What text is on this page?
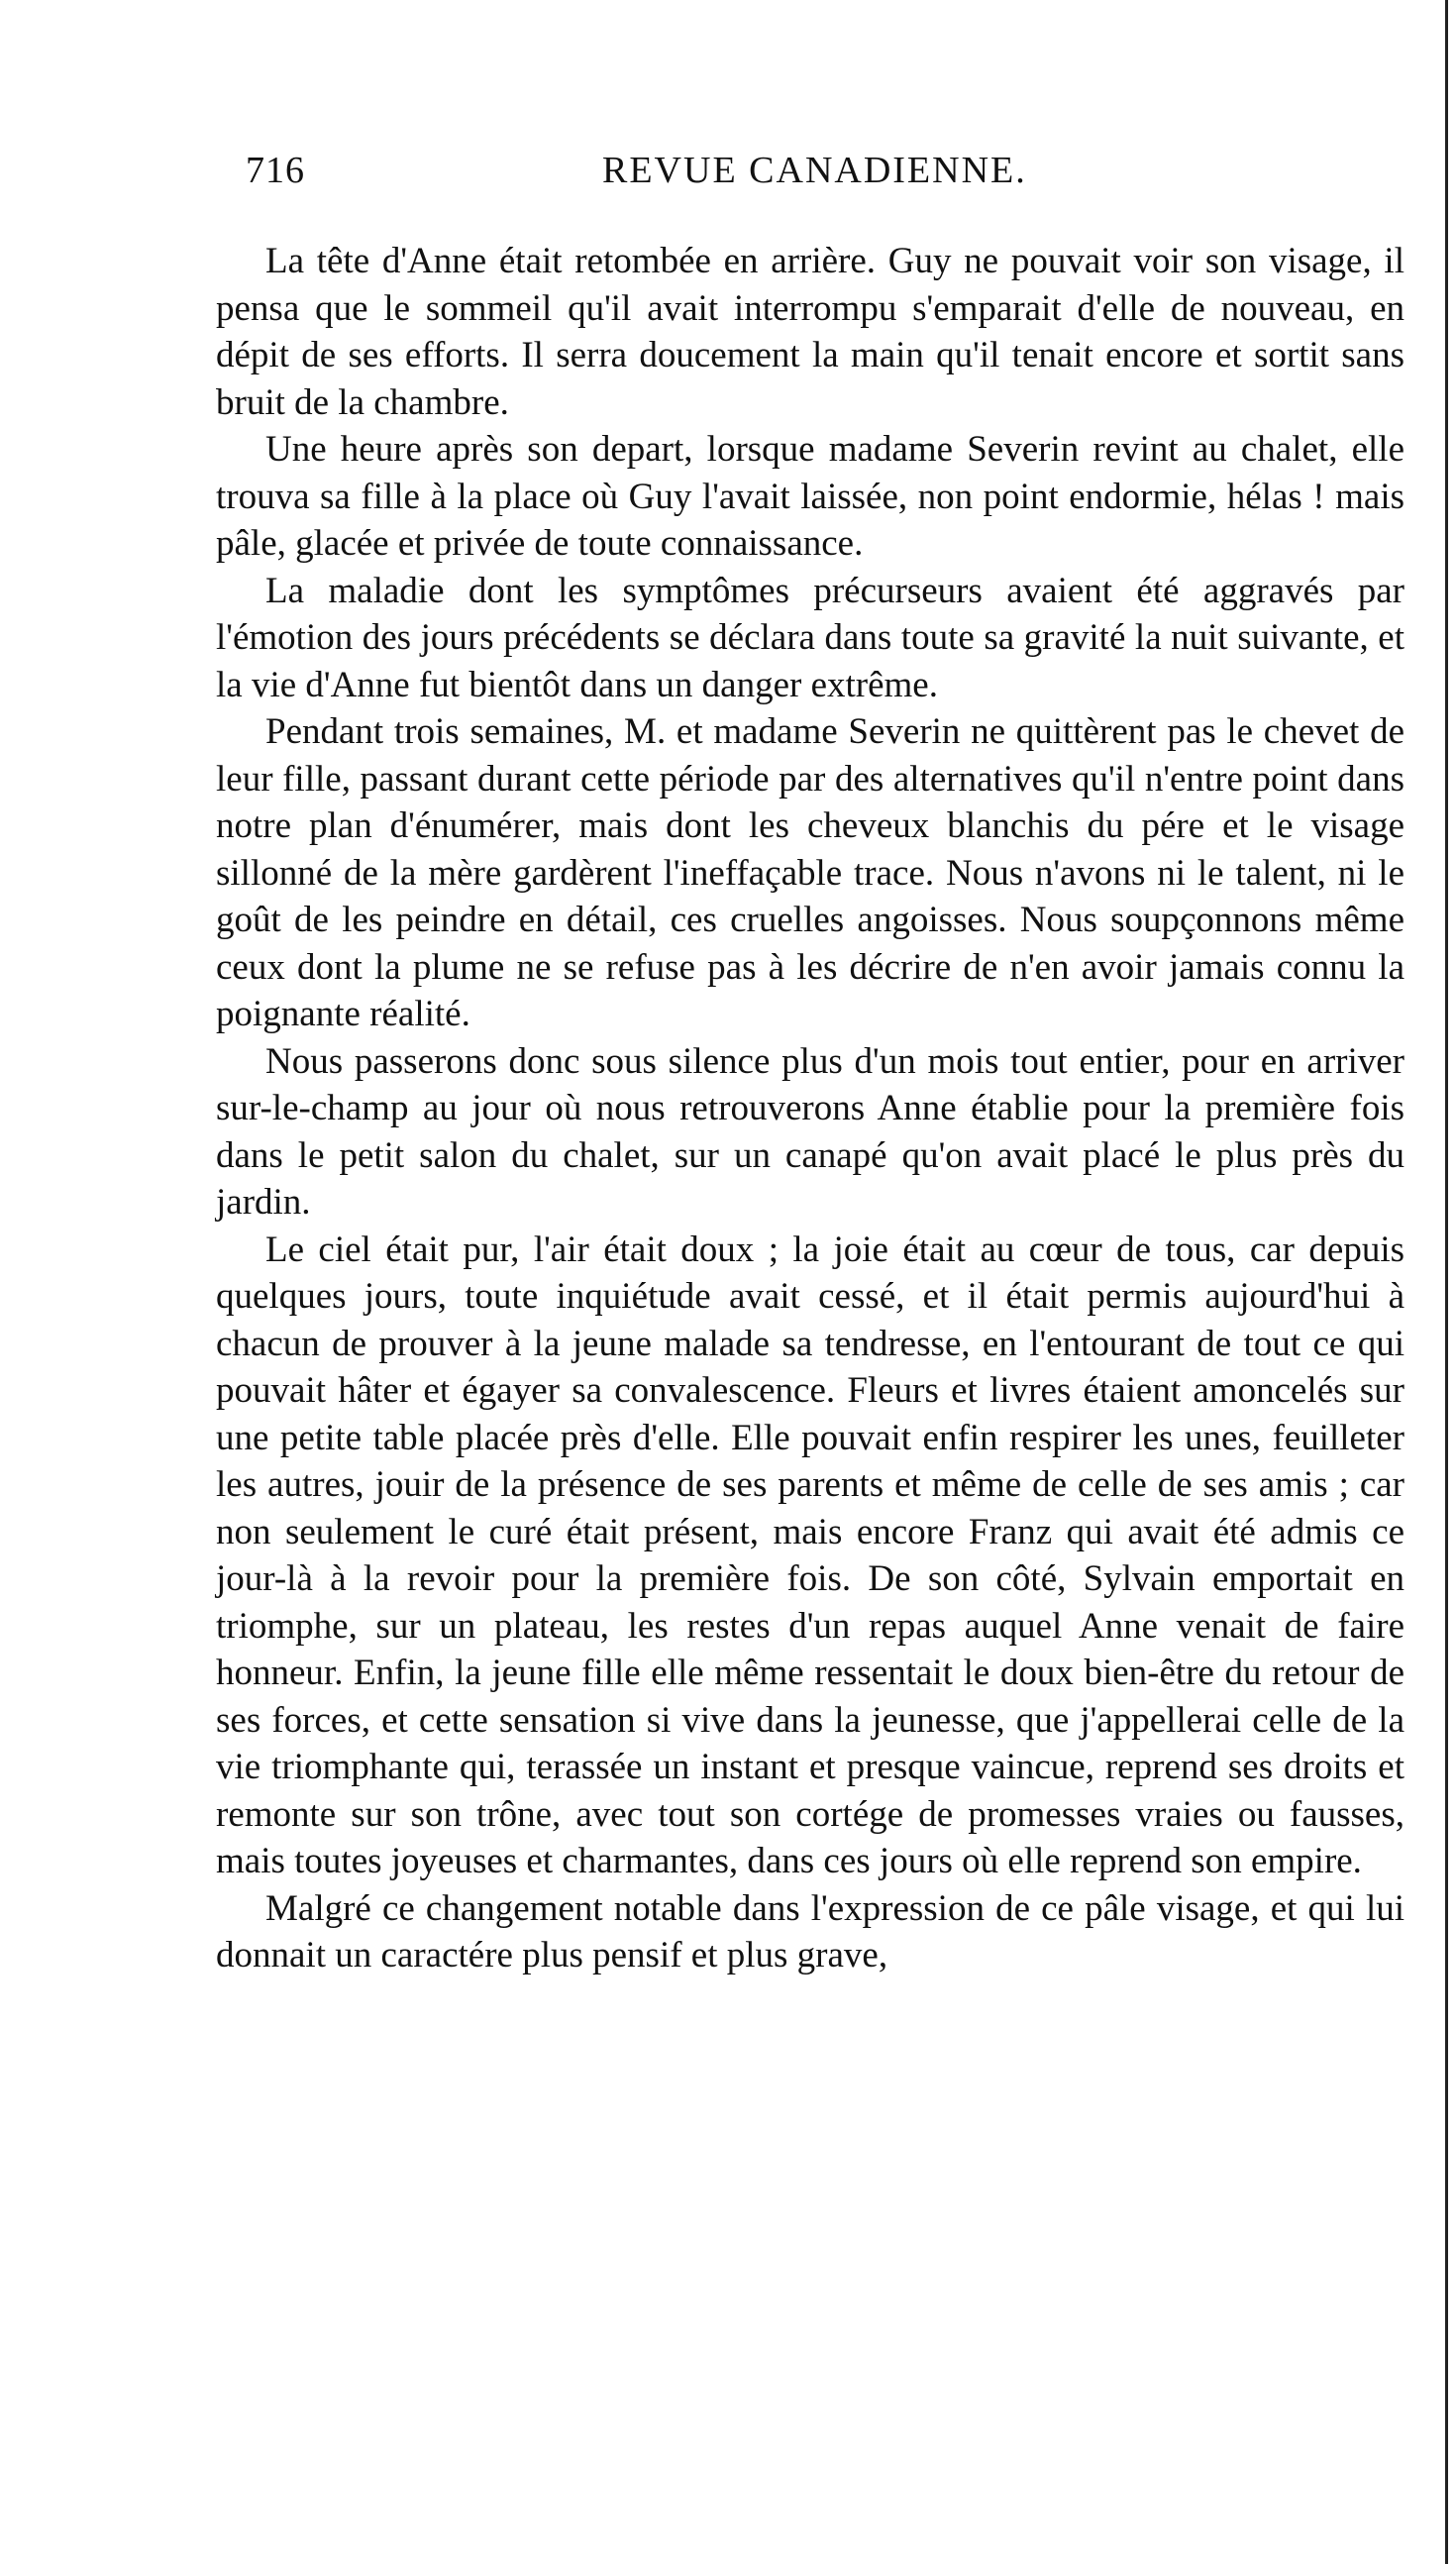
716	REVUE CANADIENNE.

La tête d'Anne était retombée en arrière. Guy ne pouvait voir son visage, il pensa que le sommeil qu'il avait interrompu s'emparait d'elle de nouveau, en dépit de ses efforts. Il serra doucement la main qu'il tenait encore et sortit sans bruit de la chambre.

Une heure après son depart, lorsque madame Severin revint au chalet, elle trouva sa fille à la place où Guy l'avait laissée, non point endormie, hélas ! mais pâle, glacée et privée de toute connaissance.

La maladie dont les symptômes précurseurs avaient été aggravés par l'émotion des jours précédents se déclara dans toute sa gravité la nuit suivante, et la vie d'Anne fut bientôt dans un danger extrême.

Pendant trois semaines, M. et madame Severin ne quittèrent pas le chevet de leur fille, passant durant cette période par des alternatives qu'il n'entre point dans notre plan d'énumérer, mais dont les cheveux blanchis du pére et le visage sillonné de la mère gardèrent l'ineffaçable trace. Nous n'avons ni le talent, ni le goût de les peindre en détail, ces cruelles angoisses. Nous soupçonnons même ceux dont la plume ne se refuse pas à les décrire de n'en avoir jamais connu la poignante réalité.

Nous passerons donc sous silence plus d'un mois tout entier, pour en arriver sur-le-champ au jour où nous retrouverons Anne établie pour la première fois dans le petit salon du chalet, sur un canapé qu'on avait placé le plus près du jardin.

Le ciel était pur, l'air était doux ; la joie était au cœur de tous, car depuis quelques jours, toute inquiétude avait cessé, et il était permis aujourd'hui à chacun de prouver à la jeune malade sa tendresse, en l'entourant de tout ce qui pouvait hâter et égayer sa convalescence. Fleurs et livres étaient amoncelés sur une petite table placée près d'elle. Elle pouvait enfin respirer les unes, feuilleter les autres, jouir de la présence de ses parents et même de celle de ses amis ; car non seulement le curé était présent, mais encore Franz qui avait été admis ce jour-là à la revoir pour la première fois. De son côté, Sylvain emportait en triomphe, sur un plateau, les restes d'un repas auquel Anne venait de faire honneur. Enfin, la jeune fille elle même ressentait le doux bien-être du retour de ses forces, et cette sensation si vive dans la jeunesse, que j'appellerai celle de la vie triomphante qui, terassée un instant et presque vaincue, reprend ses droits et remonte sur son trône, avec tout son cortége de promesses vraies ou fausses, mais toutes joyeuses et charmantes, dans ces jours où elle reprend son empire.

Malgré ce changement notable dans l'expression de ce pâle visage, et qui lui donnait un caractére plus pensif et plus grave,
